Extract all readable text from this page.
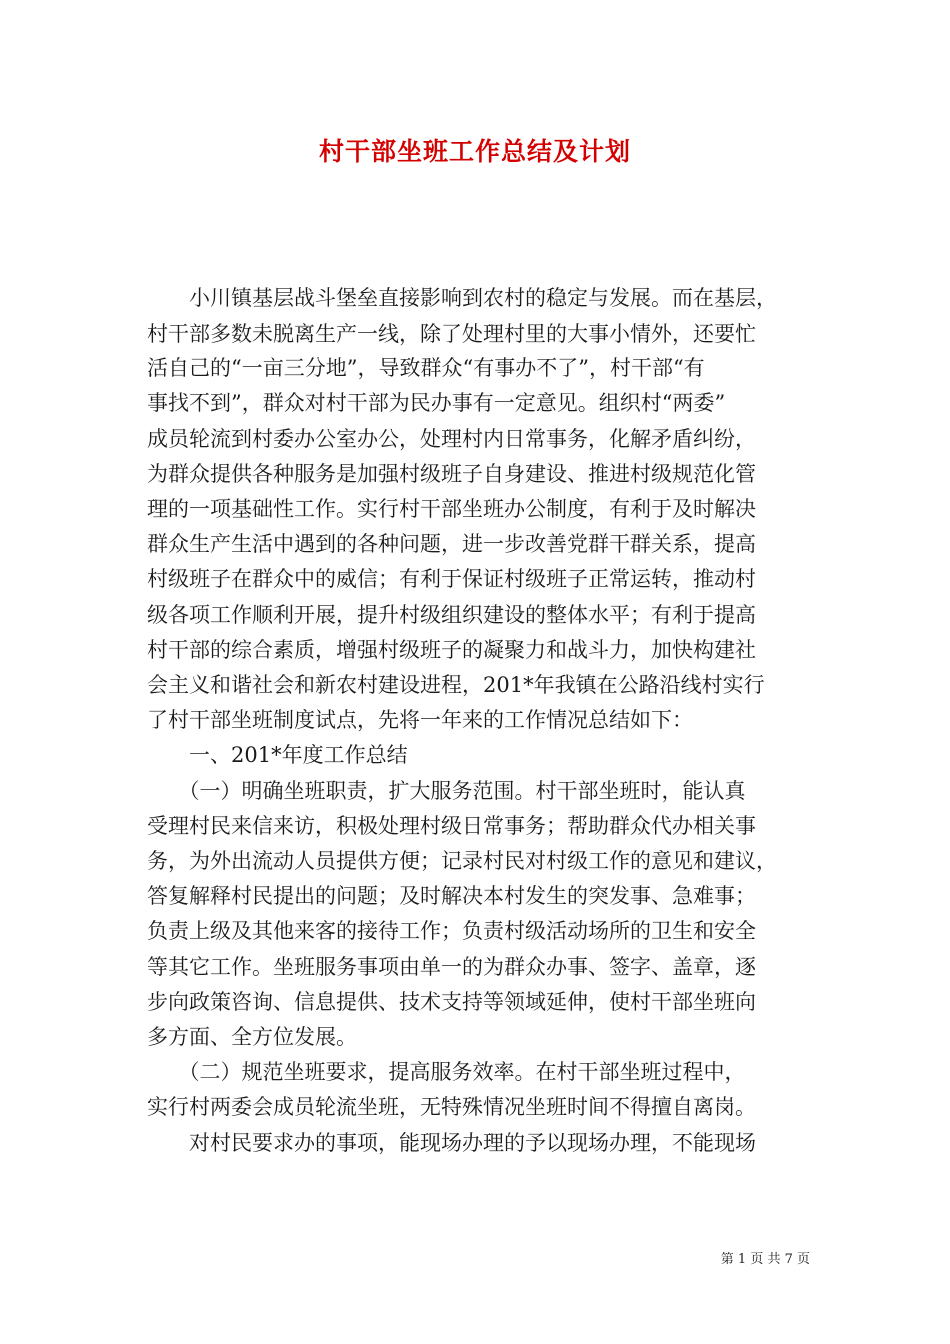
村干部坐班工作总结及计划

　　小川镇基层战斗堡垒直接影响到农村的稳定与发展。而在基层，

村干部多数未脱离生产一线，除了处理村里的大事小情外，还要忙

活自己的“一亩三分地”，导致群众“有事办不了”，村干部“有

事找不到”，群众对村干部为民办事有一定意见。组织村“两委”

成员轮流到村委办公室办公，处理村内日常事务，化解矛盾纠纷，

为群众提供各种服务是加强村级班子自身建设、推进村级规范化管

理的一项基础性工作。实行村干部坐班办公制度，有利于及时解决

群众生产生活中遇到的各种问题，进一步改善党群干群关系，提高

村级班子在群众中的威信；有利于保证村级班子正常运转，推动村

级各项工作顺利开展，提升村级组织建设的整体水平；有利于提高

村干部的综合素质，增强村级班子的凝聚力和战斗力，加快构建社

会主义和谐社会和新农村建设进程，201*年我镇在公路沿线村实行

了村干部坐班制度试点，先将一年来的工作情况总结如下：

　　一、201*年度工作总结

　　（一）明确坐班职责，扩大服务范围。村干部坐班时，能认真

受理村民来信来访，积极处理村级日常事务；帮助群众代办相关事

务，为外出流动人员提供方便；记录村民对村级工作的意见和建议，

答复解释村民提出的问题；及时解决本村发生的突发事、急难事；

负责上级及其他来客的接待工作；负责村级活动场所的卫生和安全

等其它工作。坐班服务事项由单一的为群众办事、签字、盖章，逐

步向政策咨询、信息提供、技术支持等领域延伸，使村干部坐班向

多方面、全方位发展。

　　（二）规范坐班要求，提高服务效率。在村干部坐班过程中，

实行村两委会成员轮流坐班，无特殊情况坐班时间不得擅自离岗。

　　对村民要求办的事项，能现场办理的予以现场办理，不能现场

第 1 页 共 7 页
